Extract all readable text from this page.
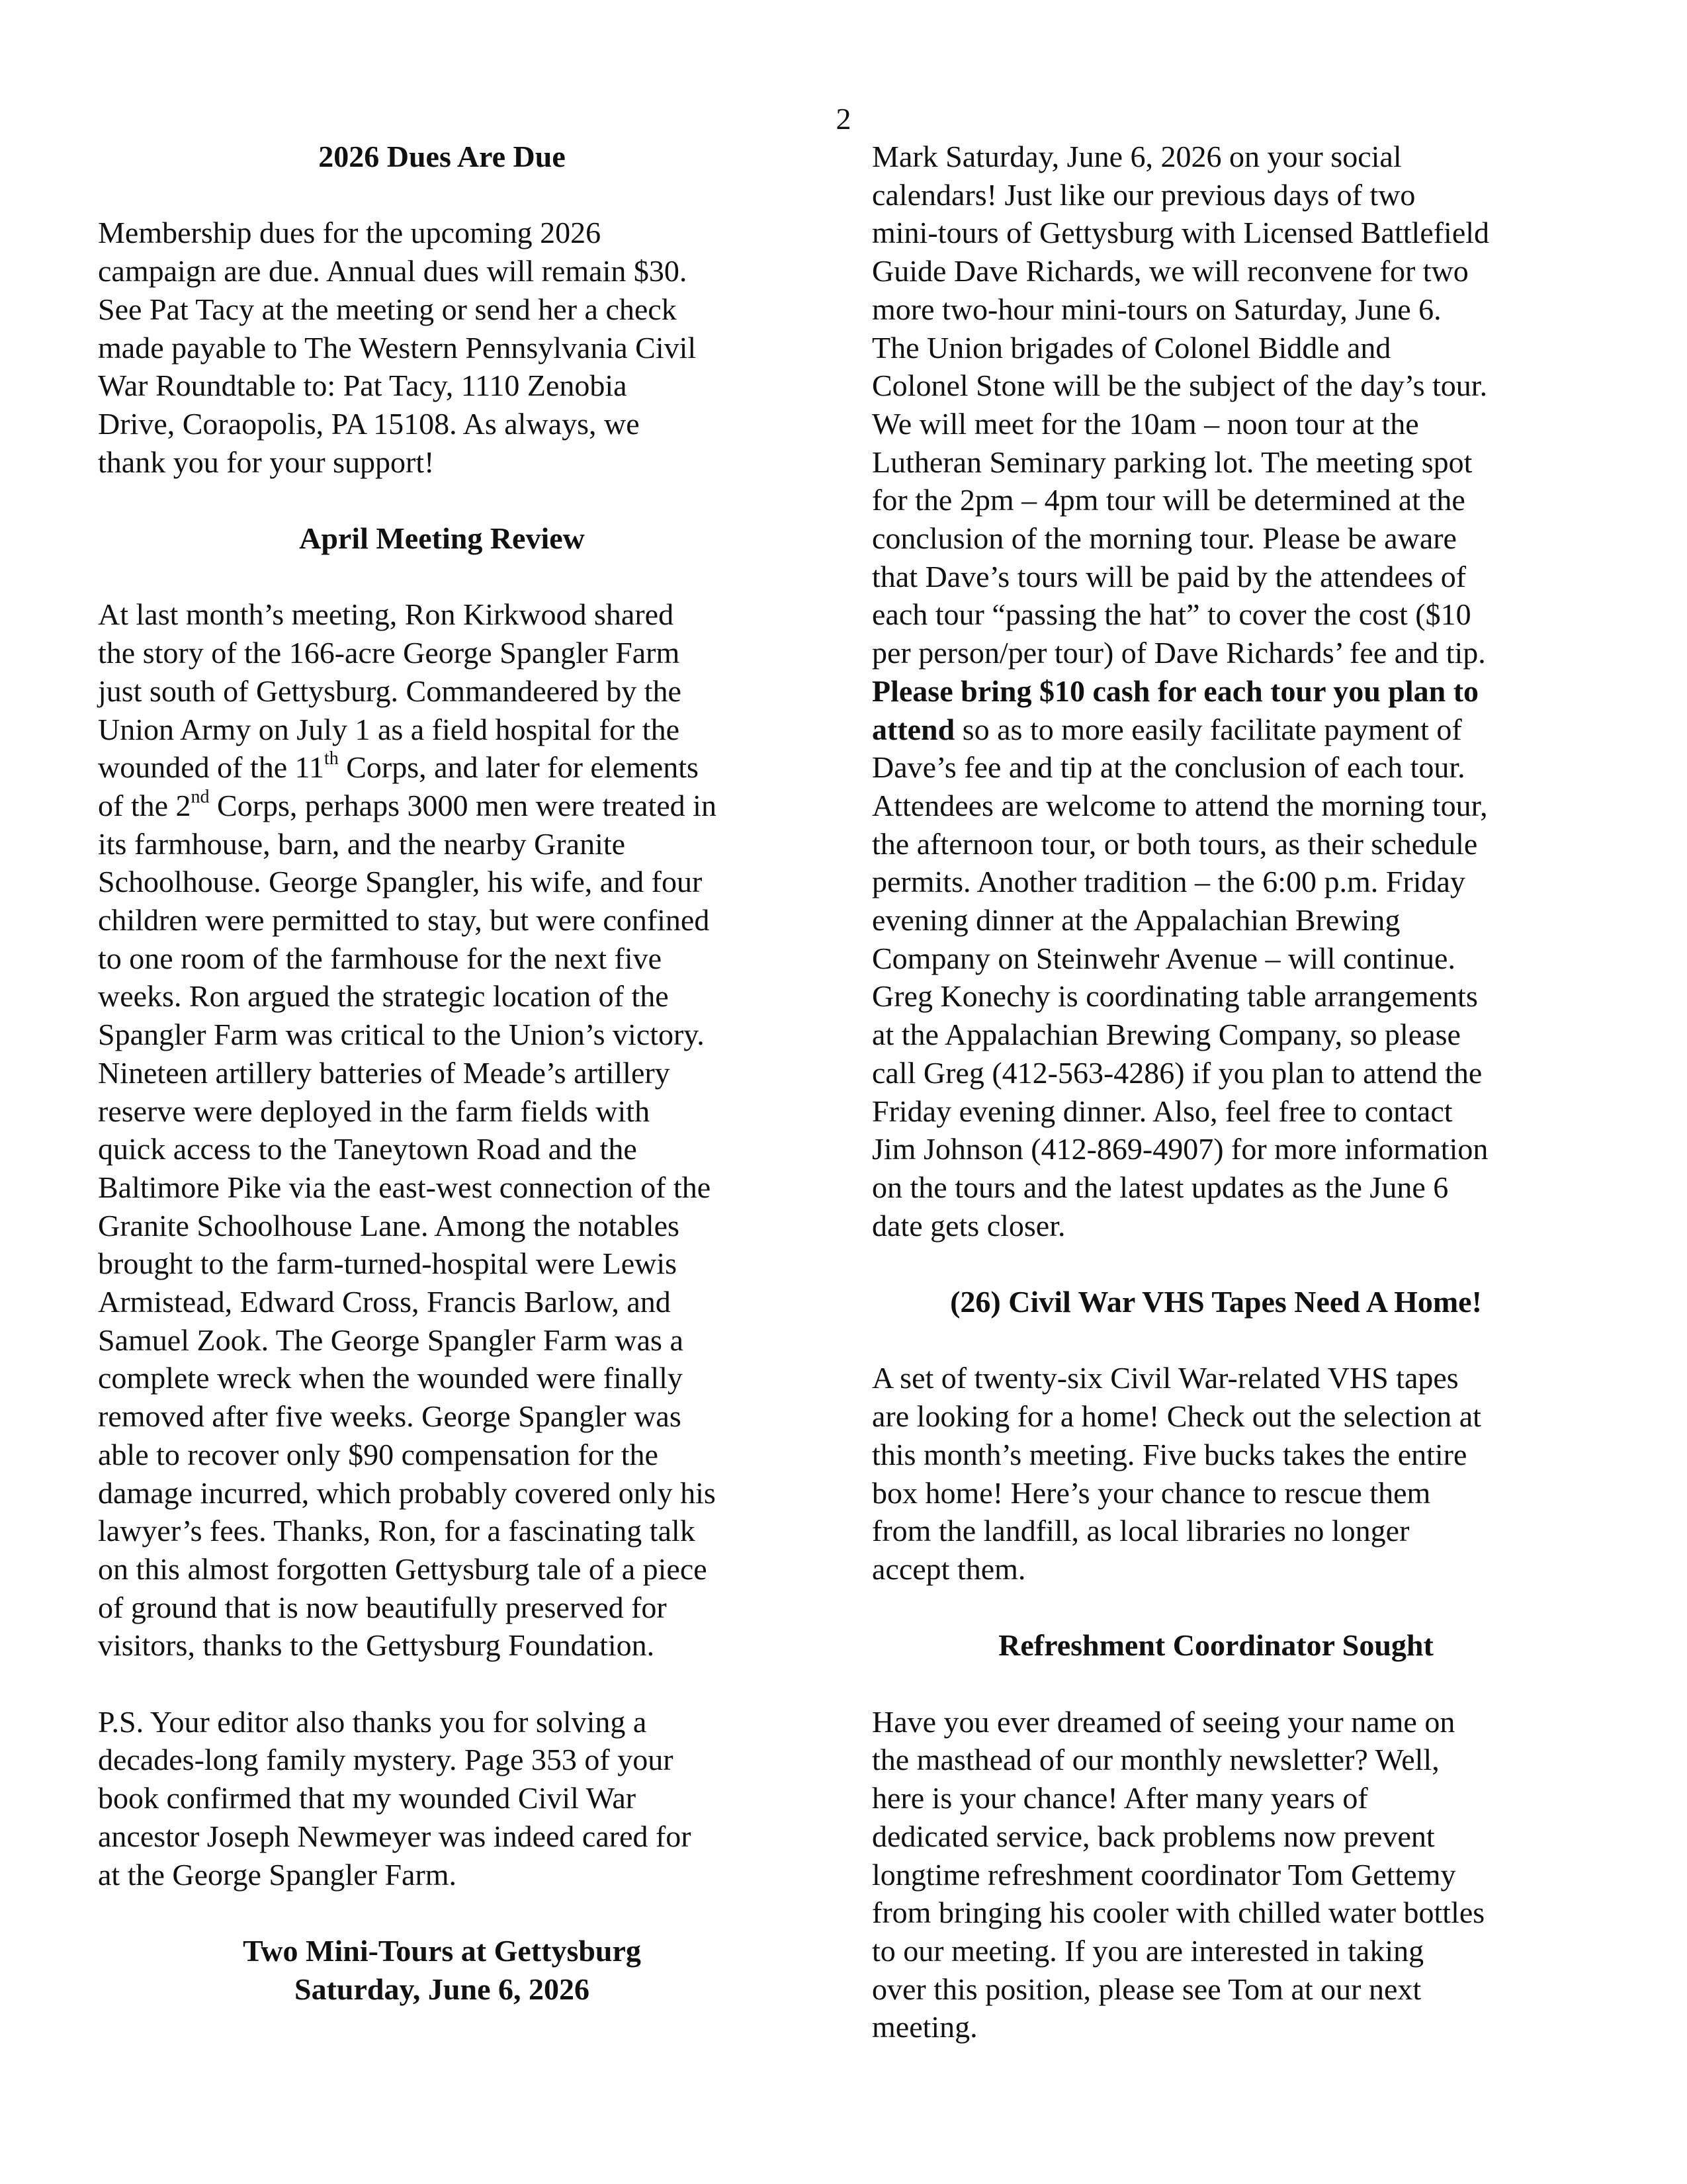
2
2026 Dues Are Due

Membership dues for the upcoming 2026
campaign are due. Annual dues will remain $30.
See Pat Tacy at the meeting or send her a check
made payable to The Western Pennsylvania Civil
War Roundtable to: Pat Tacy, 1110 Zenobia
Drive, Coraopolis, PA 15108. As always, we
thank you for your support!

April Meeting Review

At last month’s meeting, Ron Kirkwood shared
the story of the 166-acre George Spangler Farm
just south of Gettysburg. Commandeered by the
Union Army on July 1 as a field hospital for the
wounded of the 11th Corps, and later for elements
of the 2nd Corps, perhaps 3000 men were treated in
its farmhouse, barn, and the nearby Granite
Schoolhouse. George Spangler, his wife, and four
children were permitted to stay, but were confined
to one room of the farmhouse for the next five
weeks. Ron argued the strategic location of the
Spangler Farm was critical to the Union’s victory.
Nineteen artillery batteries of Meade’s artillery
reserve were deployed in the farm fields with
quick access to the Taneytown Road and the
Baltimore Pike via the east-west connection of the
Granite Schoolhouse Lane. Among the notables
brought to the farm-turned-hospital were Lewis
Armistead, Edward Cross, Francis Barlow, and
Samuel Zook. The George Spangler Farm was a
complete wreck when the wounded were finally
removed after five weeks. George Spangler was
able to recover only $90 compensation for the
damage incurred, which probably covered only his
lawyer’s fees. Thanks, Ron, for a fascinating talk
on this almost forgotten Gettysburg tale of a piece
of ground that is now beautifully preserved for
visitors, thanks to the Gettysburg Foundation.

P.S. Your editor also thanks you for solving a
decades-long family mystery. Page 353 of your
book confirmed that my wounded Civil War
ancestor Joseph Newmeyer was indeed cared for
at the George Spangler Farm.

Two Mini-Tours at Gettysburg
Saturday, June 6, 2026

Mark Saturday, June 6, 2026 on your social
calendars! Just like our previous days of two
mini-tours of Gettysburg with Licensed Battlefield
Guide Dave Richards, we will reconvene for two
more two-hour mini-tours on Saturday, June 6.
The Union brigades of Colonel Biddle and
Colonel Stone will be the subject of the day’s tour.
We will meet for the 10am – noon tour at the
Lutheran Seminary parking lot. The meeting spot
for the 2pm – 4pm tour will be determined at the
conclusion of the morning tour. Please be aware
that Dave’s tours will be paid by the attendees of
each tour “passing the hat” to cover the cost ($10
per person/per tour) of Dave Richards’ fee and tip.
Please bring $10 cash for each tour you plan to
attend so as to more easily facilitate payment of
Dave’s fee and tip at the conclusion of each tour.
Attendees are welcome to attend the morning tour,
the afternoon tour, or both tours, as their schedule
permits. Another tradition – the 6:00 p.m. Friday
evening dinner at the Appalachian Brewing
Company on Steinwehr Avenue – will continue.
Greg Konechy is coordinating table arrangements
at the Appalachian Brewing Company, so please
call Greg (412-563-4286) if you plan to attend the
Friday evening dinner. Also, feel free to contact
Jim Johnson (412-869-4907) for more information
on the tours and the latest updates as the June 6
date gets closer.

(26) Civil War VHS Tapes Need A Home!

A set of twenty-six Civil War-related VHS tapes
are looking for a home! Check out the selection at
this month’s meeting. Five bucks takes the entire
box home! Here’s your chance to rescue them
from the landfill, as local libraries no longer
accept them.

Refreshment Coordinator Sought

Have you ever dreamed of seeing your name on
the masthead of our monthly newsletter? Well,
here is your chance! After many years of
dedicated service, back problems now prevent
longtime refreshment coordinator Tom Gettemy
from bringing his cooler with chilled water bottles
to our meeting. If you are interested in taking
over this position, please see Tom at our next
meeting.
